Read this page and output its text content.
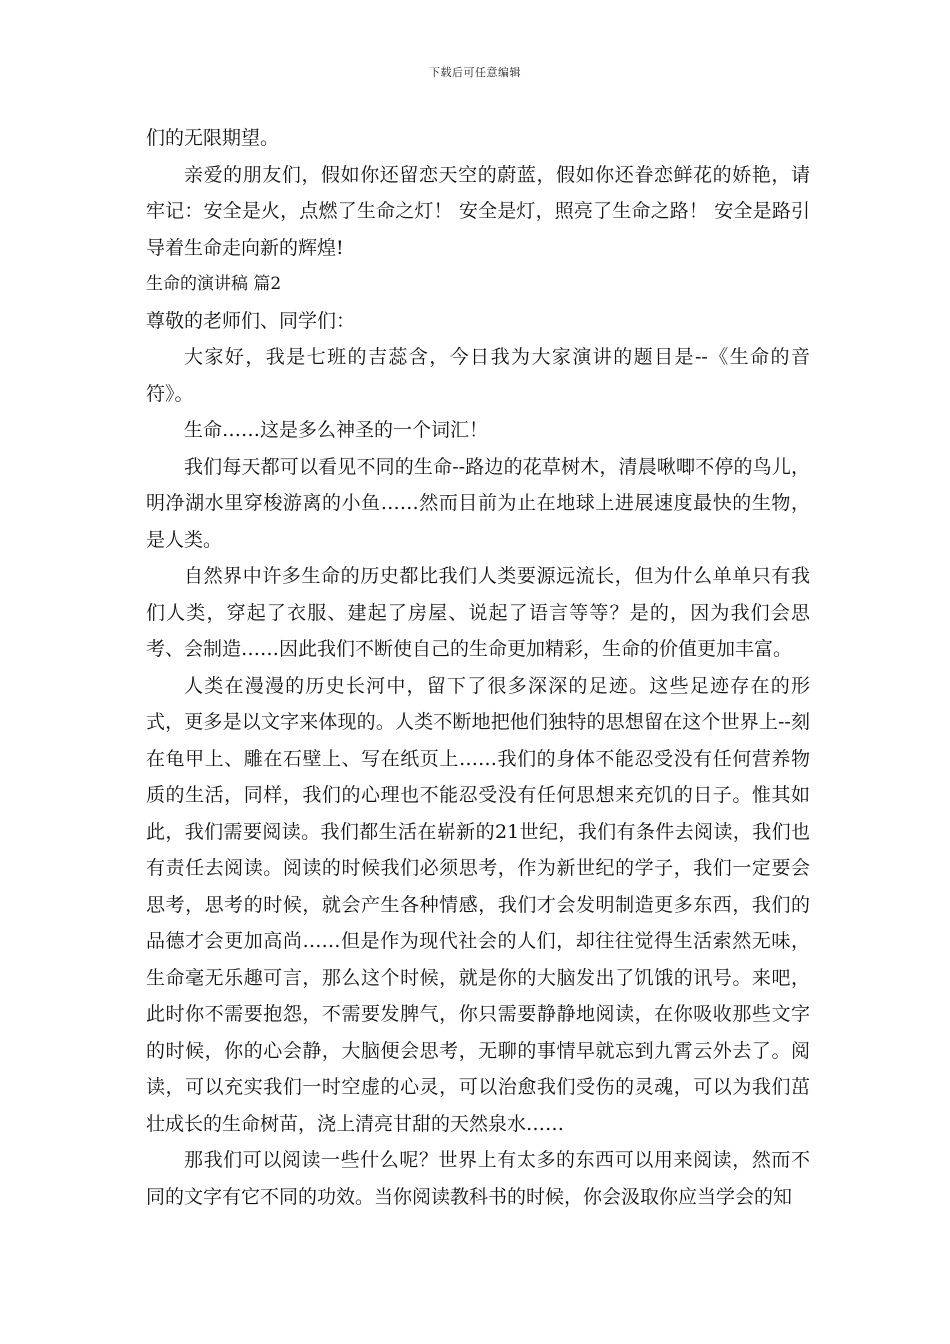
下载后可任意编辑

们的无限期望。

亲爱的朋友们，假如你还留恋天空的蔚蓝，假如你还眷恋鲜花的娇艳，请牢记：安全是火，点燃了生命之灯！ 安全是灯，照亮了生命之路！ 安全是路引导着生命走向新的辉煌!

生命的演讲稿 篇2

尊敬的老师们、同学们：

大家好，我是七班的吉蕊含，今日我为大家演讲的题目是--《生命的音符》。

生命……这是多么神圣的一个词汇！

我们每天都可以看见不同的生命--路边的花草树木，清晨啾唧不停的鸟儿，明净湖水里穿梭游离的小鱼……然而目前为止在地球上进展速度最快的生物，是人类。

自然界中许多生命的历史都比我们人类要源远流长，但为什么单单只有我们人类，穿起了衣服、建起了房屋、说起了语言等等？是的，因为我们会思考、会制造……因此我们不断使自己的生命更加精彩，生命的价值更加丰富。

人类在漫漫的历史长河中，留下了很多深深的足迹。这些足迹存在的形式，更多是以文字来体现的。人类不断地把他们独特的思想留在这个世界上--刻在龟甲上、雕在石壁上、写在纸页上……我们的身体不能忍受没有任何营养物质的生活，同样，我们的心理也不能忍受没有任何思想来充饥的日子。惟其如此，我们需要阅读。我们都生活在崭新的21世纪，我们有条件去阅读，我们也有责任去阅读。阅读的时候我们必须思考，作为新世纪的学子，我们一定要会思考，思考的时候，就会产生各种情感，我们才会发明制造更多东西，我们的品德才会更加高尚……但是作为现代社会的人们，却往往觉得生活索然无味，生命毫无乐趣可言，那么这个时候，就是你的大脑发出了饥饿的讯号。来吧，此时你不需要抱怨，不需要发脾气，你只需要静静地阅读，在你吸收那些文字的时候，你的心会静，大脑便会思考，无聊的事情早就忘到九霄云外去了。阅读，可以充实我们一时空虚的心灵，可以治愈我们受伤的灵魂，可以为我们茁壮成长的生命树苗，浇上清亮甘甜的天然泉水……

那我们可以阅读一些什么呢？世界上有太多的东西可以用来阅读，然而不同的文字有它不同的功效。当你阅读教科书的时候，你会汲取你应当学会的知
